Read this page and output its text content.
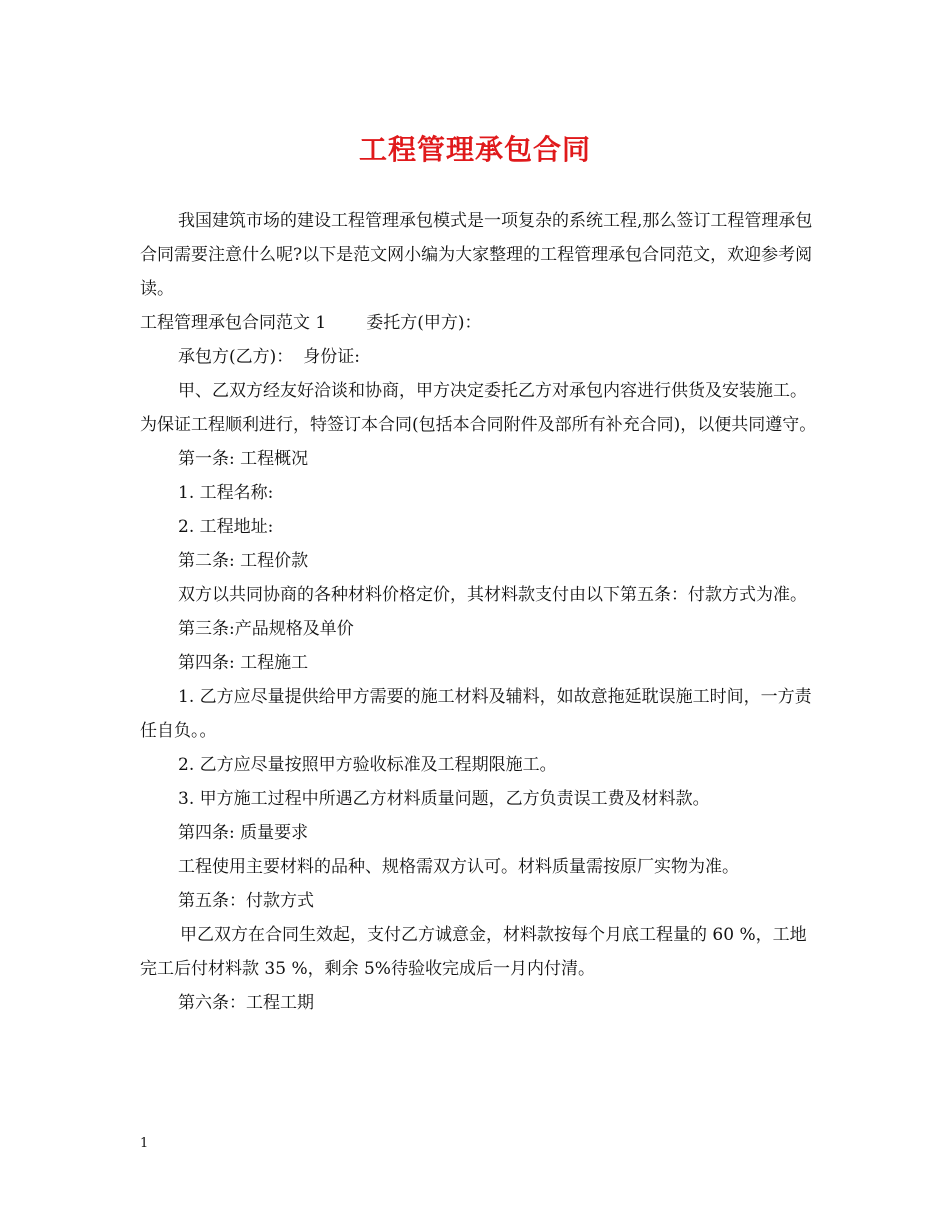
工程管理承包合同

我国建筑市场的建设工程管理承包模式是一项复杂的系统工程,那么签订工程管理承包合同需要注意什么呢?以下是范文网小编为大家整理的工程管理承包合同范文，欢迎参考阅读。

工程管理承包合同范文 1 委托方(甲方)：

承包方(乙方)： 身份证:

甲、乙双方经友好洽谈和协商，甲方决定委托乙方对承包内容进行供货及安装施工。为保证工程顺利进行，特签订本合同(包括本合同附件及部所有补充合同)，以便共同遵守。

第一条: 工程概况

1. 工程名称:

2. 工程地址:

第二条: 工程价款

双方以共同协商的各种材料价格定价，其材料款支付由以下第五条：付款方式为准。

第三条:产品规格及单价

第四条: 工程施工

1. 乙方应尽量提供给甲方需要的施工材料及辅料，如故意拖延耽误施工时间，一方责任自负。。

2. 乙方应尽量按照甲方验收标准及工程期限施工。

3. 甲方施工过程中所遇乙方材料质量问题，乙方负责误工费及材料款。

第四条: 质量要求

工程使用主要材料的品种、规格需双方认可。材料质量需按原厂实物为准。

第五条：付款方式

甲乙双方在合同生效起，支付乙方诚意金，材料款按每个月底工程量的 60 %，工地完工后付材料款 35 %，剩余 5%待验收完成后一月内付清。

第六条：工程工期

1
